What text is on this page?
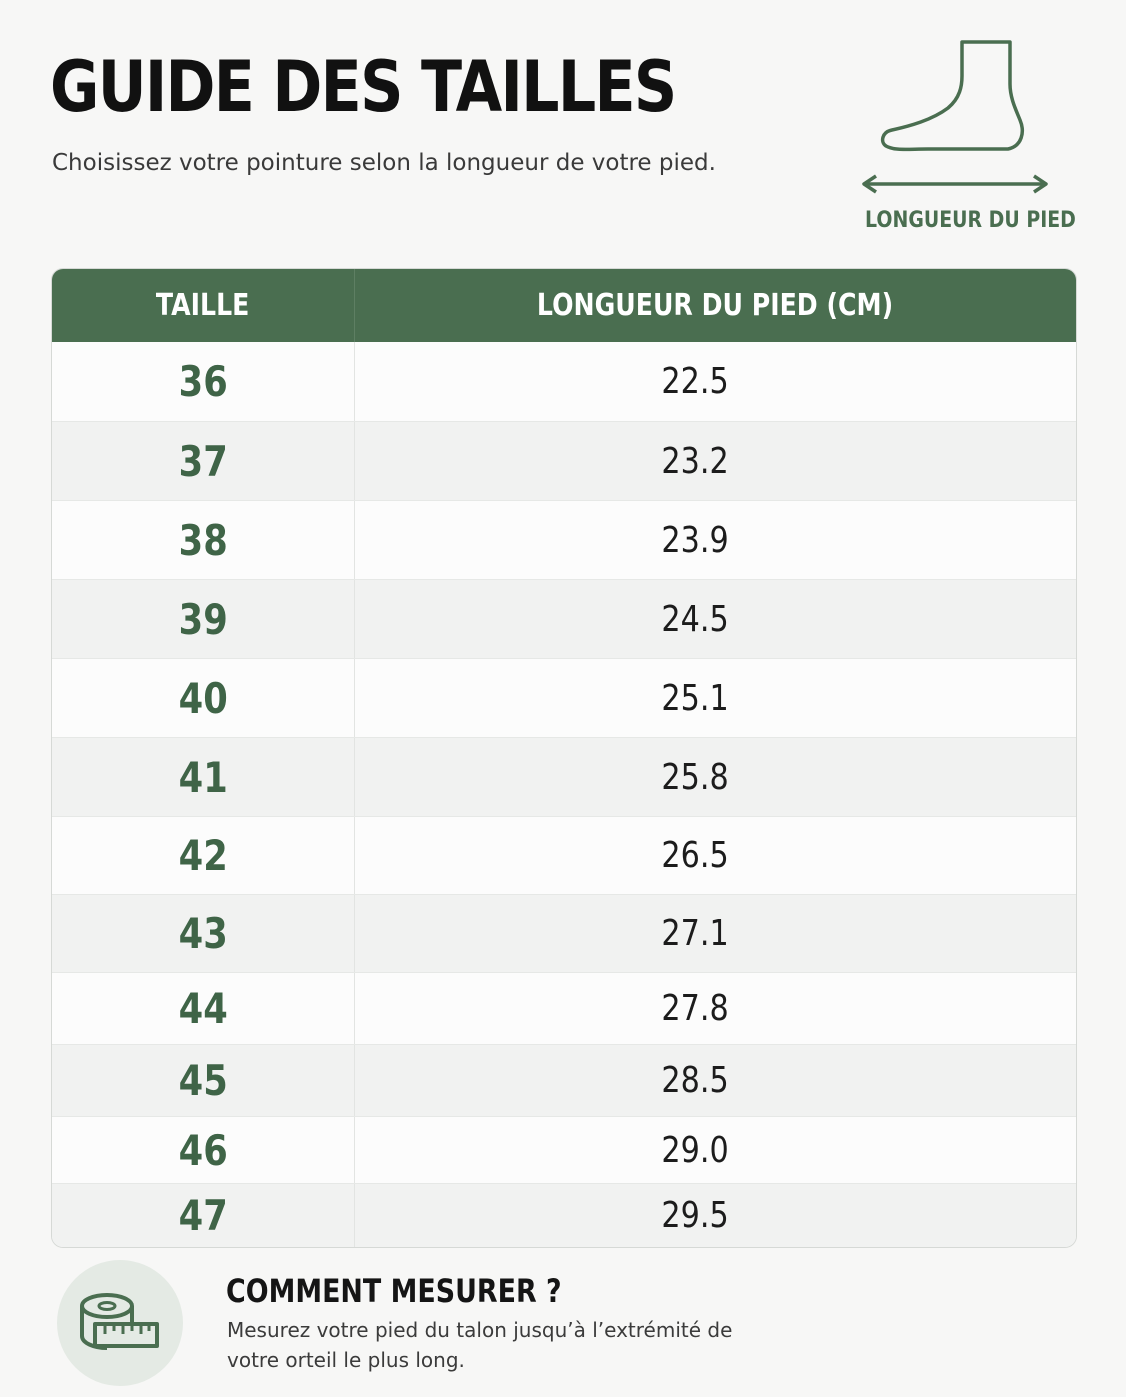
GUIDE DES TAILLES
Choisissez votre pointure selon la longueur de votre pied.
LONGUEUR DU PIED
TAILLE	LONGUEUR DU PIED (CM)
36	22.5
37	23.2
38	23.9
39	24.5
40	25.1
41	25.8
42	26.5
43	27.1
44	27.8
45	28.5
46	29.0
47	29.5
COMMENT MESURER ?
Mesurez votre pied du talon jusqu’à l’extrémité de votre orteil le plus long.
